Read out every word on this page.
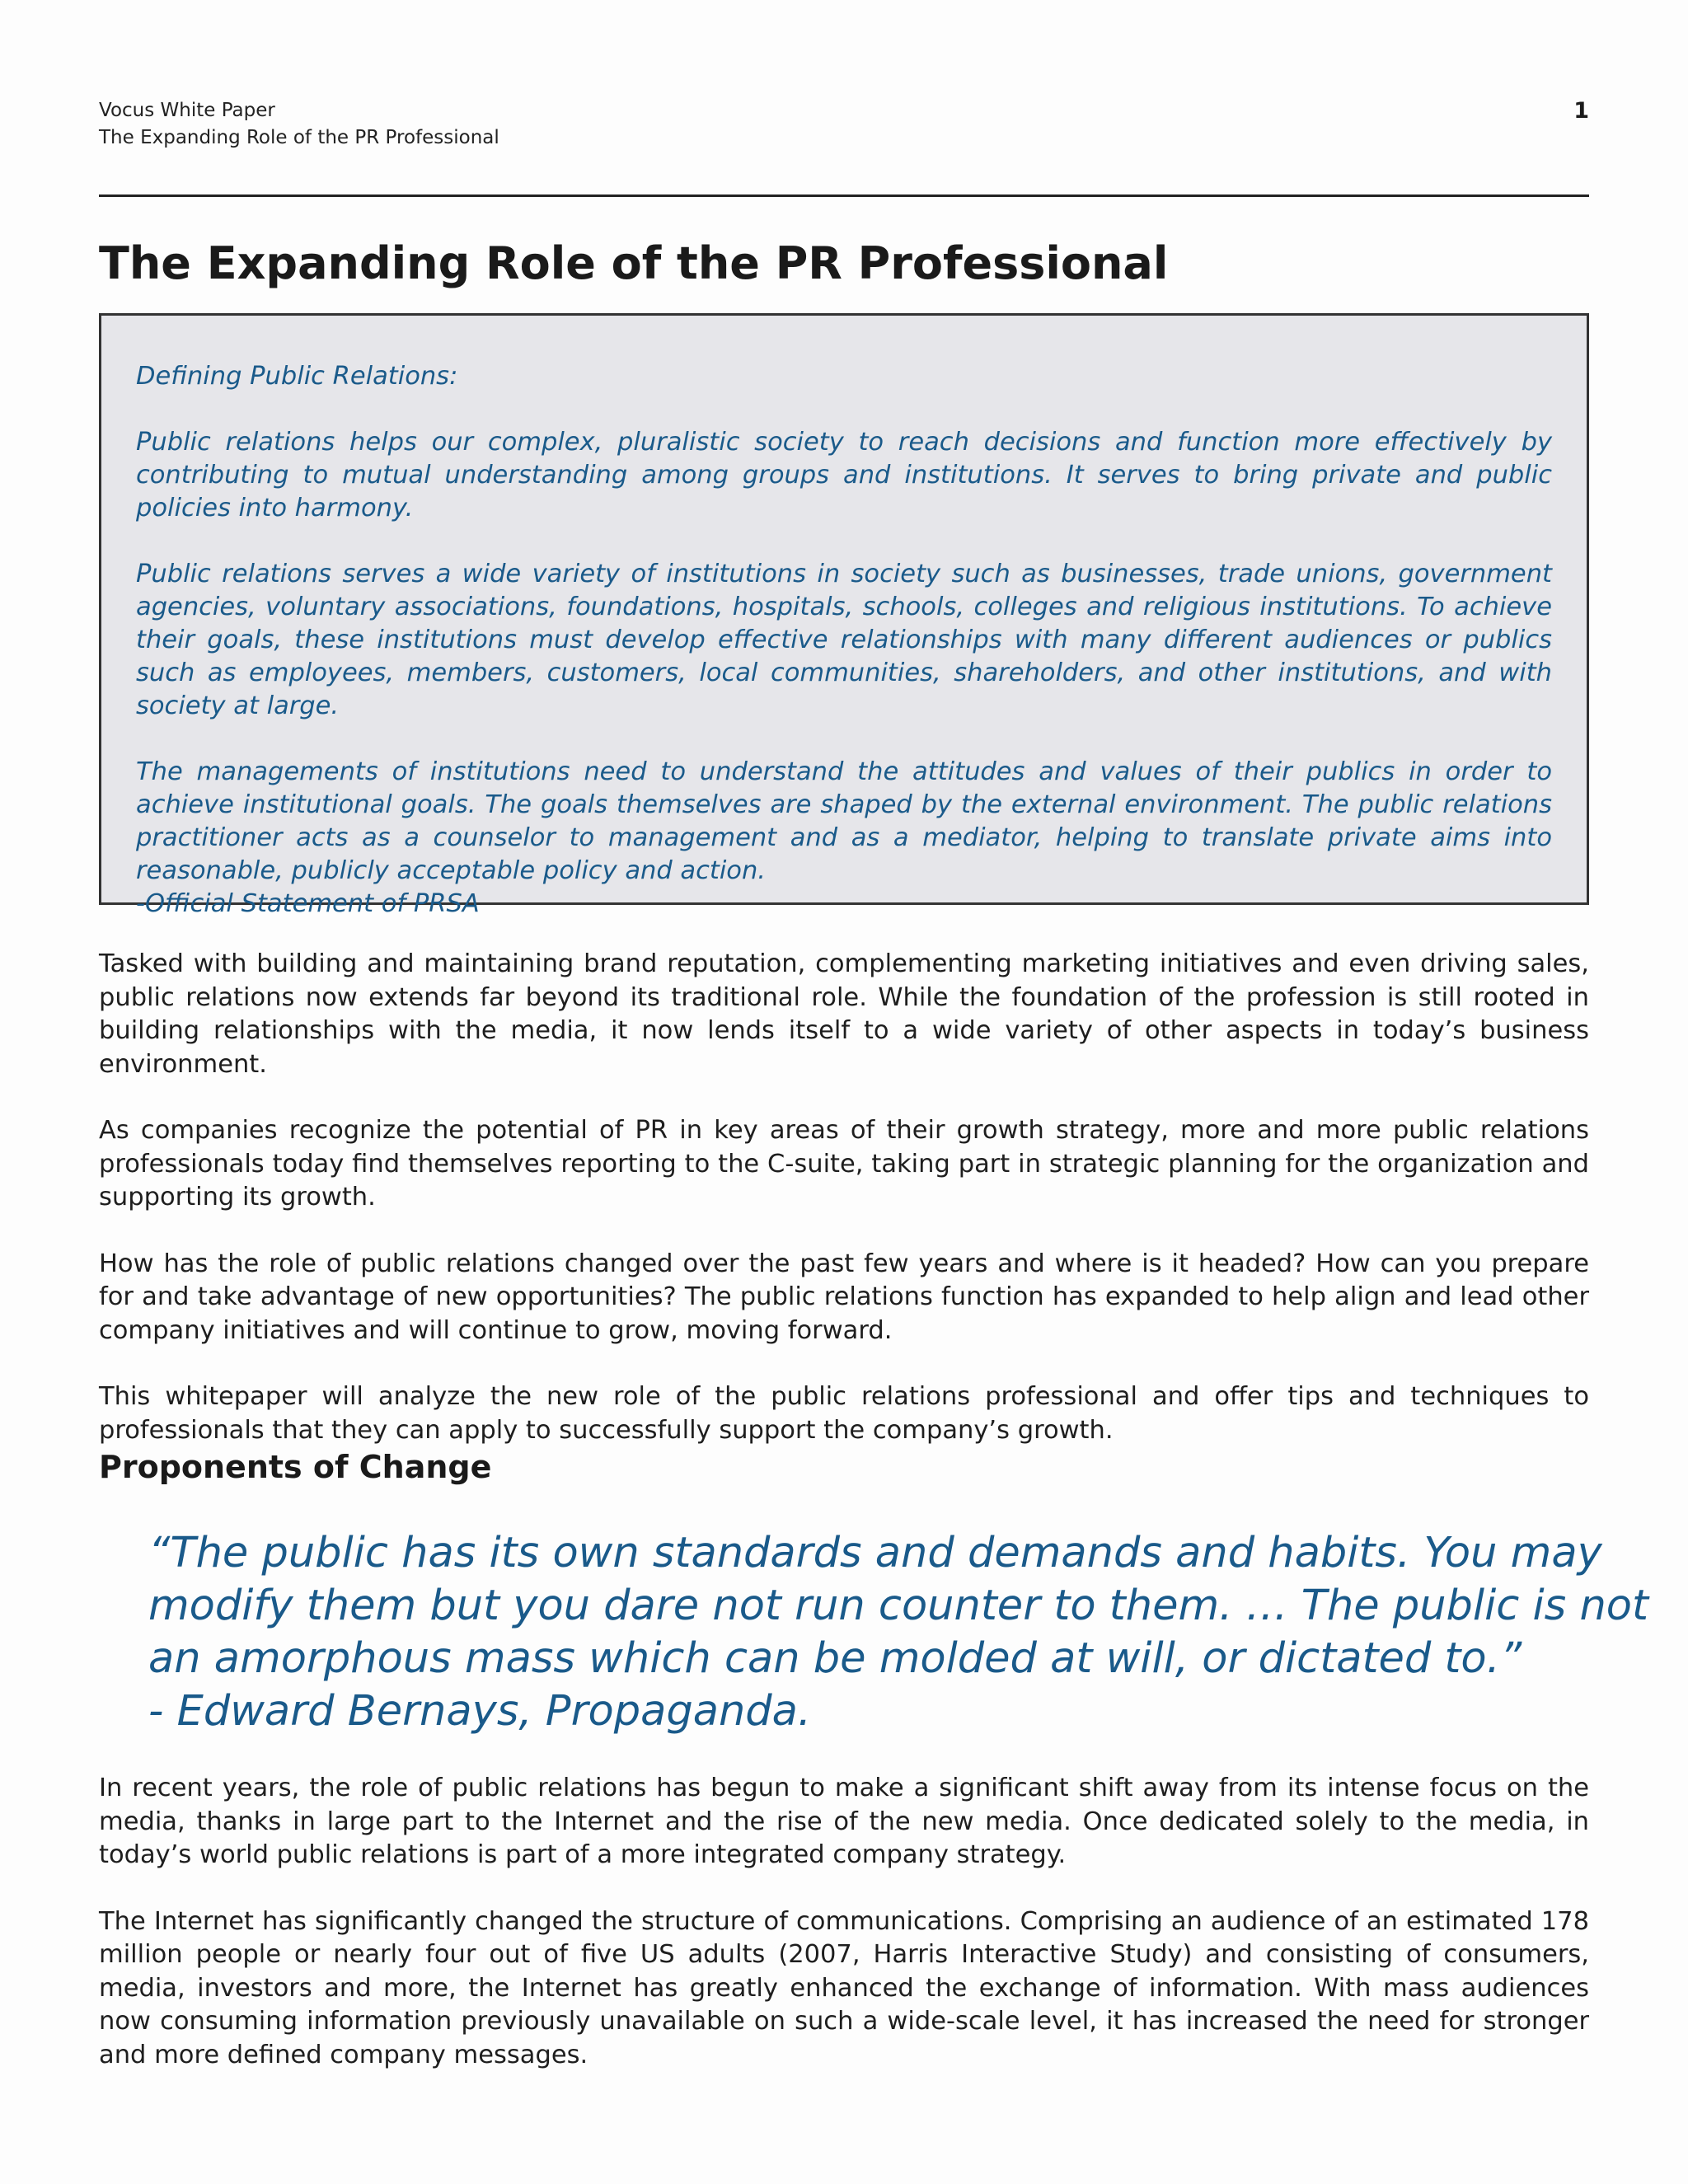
Vocus White Paper
The Expanding Role of the PR Professional
1
The Expanding Role of the PR Professional

Defining Public Relations:

Public relations helps our complex, pluralistic society to reach decisions and function more effectively by contributing to mutual understanding among groups and institutions. It serves to bring private and public policies into harmony.

Public relations serves a wide variety of institutions in society such as businesses, trade unions, government agencies, voluntary associations, foundations, hospitals, schools, colleges and religious institutions. To achieve their goals, these institutions must develop effective relationships with many different audiences or publics such as employees, members, customers, local communities, shareholders, and other institutions, and with society at large.

The managements of institutions need to understand the attitudes and values of their publics in order to achieve institutional goals. The goals themselves are shaped by the external environment. The public relations practitioner acts as a counselor to management and as a mediator, helping to translate private aims into reasonable, publicly acceptable policy and action.

-Official Statement of PRSA

Tasked with building and maintaining brand reputation, complementing marketing initiatives and even driving sales, public relations now extends far beyond its traditional role. While the foundation of the profession is still rooted in building relationships with the media, it now lends itself to a wide variety of other aspects in today’s business environment.

As companies recognize the potential of PR in key areas of their growth strategy, more and more public relations professionals today find themselves reporting to the C-suite, taking part in strategic planning for the organization and supporting its growth.

How has the role of public relations changed over the past few years and where is it headed? How can you prepare for and take advantage of new opportunities? The public relations function has expanded to help align and lead other company initiatives and will continue to grow, moving forward.

This whitepaper will analyze the new role of the public relations professional and offer tips and techniques to professionals that they can apply to successfully support the company’s growth.

Proponents of Change
“The public has its own standards and demands and habits. You may
modify them but you dare not run counter to them. … The public is not
an amorphous mass which can be molded at will, or dictated to.”
- Edward Bernays, Propaganda.

In recent years, the role of public relations has begun to make a significant shift away from its intense focus on the media, thanks in large part to the Internet and the rise of the new media. Once dedicated solely to the media, in today’s world public relations is part of a more integrated company strategy.

The Internet has significantly changed the structure of communications. Comprising an audience of an estimated 178 million people or nearly four out of five US adults (2007, Harris Interactive Study) and consisting of consumers, media, investors and more, the Internet has greatly enhanced the exchange of information. With mass audiences now consuming information previously unavailable on such a wide-scale level, it has increased the need for stronger and more defined company messages.
